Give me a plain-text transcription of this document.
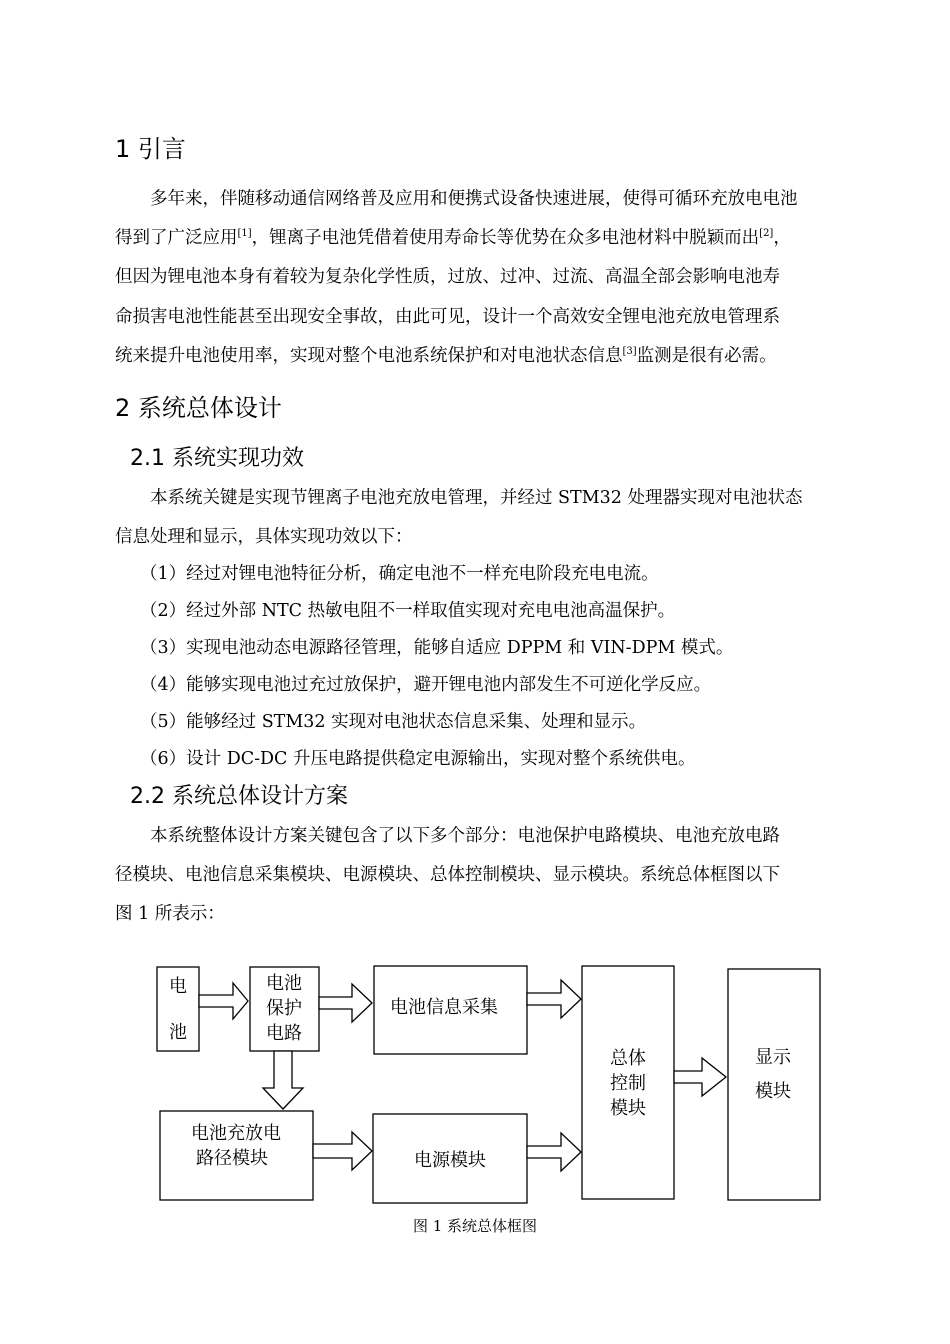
1 引言
多年来，伴随移动通信网络普及应用和便携式设备快速进展，使得可循环充放电电池
得到了广泛应用[1]，锂离子电池凭借着使用寿命长等优势在众多电池材料中脱颖而出[2]，
但因为锂电池本身有着较为复杂化学性质，过放、过冲、过流、高温全部会影响电池寿
命损害电池性能甚至出现安全事故，由此可见，设计一个高效安全锂电池充放电管理系
统来提升电池使用率，实现对整个电池系统保护和对电池状态信息[3]监测是很有必需。
2 系统总体设计
2.1 系统实现功效
本系统关键是实现节锂离子电池充放电管理，并经过 STM32 处理器实现对电池状态
信息处理和显示，具体实现功效以下：
（1）经过对锂电池特征分析，确定电池不一样充电阶段充电电流。
（2）经过外部 NTC 热敏电阻不一样取值实现对充电电池高温保护。
（3）实现电池动态电源路径管理，能够自适应 DPPM 和 VIN-DPM 模式。
（4）能够实现电池过充过放保护，避开锂电池内部发生不可逆化学反应。
（5）能够经过 STM32 实现对电池状态信息采集、处理和显示。
（6）设计 DC-DC 升压电路提供稳定电源输出，实现对整个系统供电。
2.2 系统总体设计方案
本系统整体设计方案关键包含了以下多个部分：电池保护电路模块、电池充放电路
径模块、电池信息采集模块、电源模块、总体控制模块、显示模块。系统总体框图以下
图 1 所表示：
电
池
电池
保护
电路
电池信息采集
电池充放电
路径模块	电源模块
总体
控制
模块
显示
模块
图 1 系统总体框图
